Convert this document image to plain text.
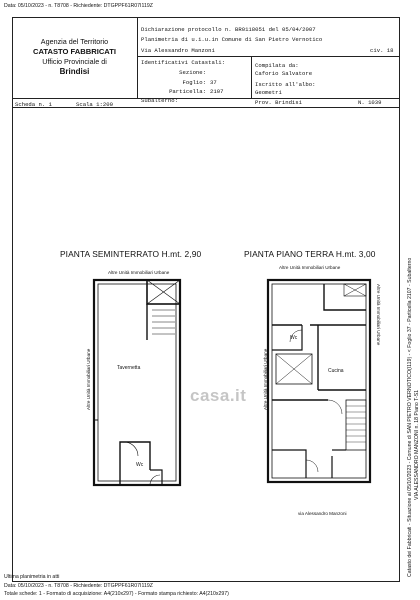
Data: 05/10/2023 - n. T8708 - Richiedente: DTGPPF61R07I119Z
Agenzia del Territorio
CATASTO FABBRICATI
Ufficio Provinciale di
Brindisi
Dichiarazione protocollo n. BR0118051 del 05/04/2007
Planimetria di u.i.u.in Comune di San Pietro Vernotico
Via Alessandro Manzoni	civ. 18
Identificativi Catastali:
Sezione:
Foglio: 37
Particella: 2107
Subalterno:
Compilata da:
Caforio Salvatore
Iscritto all'albo:
Geometri
Prov. Brindisi	N. 1039
Scheda n. 1	Scala 1:200
PIANTA SEMINTERRATO H.mt. 2,90	PIANTA PIANO TERRA H.mt. 3,00
Altre Unità Immobiliari Urbane
Altre Unità Immobiliari Urbane	Tavernetta
Wc
Altre Unità Immobiliari Urbane
Altre Unità Immobiliari Urbane
Altre Unità Immobiliari Urbane
Wc
Cucina
via Alessandro Manzoni
casa.it	Catasto dei Fabbricati - Situazione al 05/10/2023 - Comune di SAN PIETRO VERNOTICO(I119) - < Foglio 37 - Particella 2107 - Subalterno VIA ALESSANDRO MANZONI n. 18 Piano T-S1
Ultima planimetria in atti
Data: 05/10/2023 - n. T8708 - Richiedente: DTGPPF61R07I119Z
Totale schede: 1 - Formato di acquisizione: A4(210x297) - Formato stampa richiesto: A4(210x297)
